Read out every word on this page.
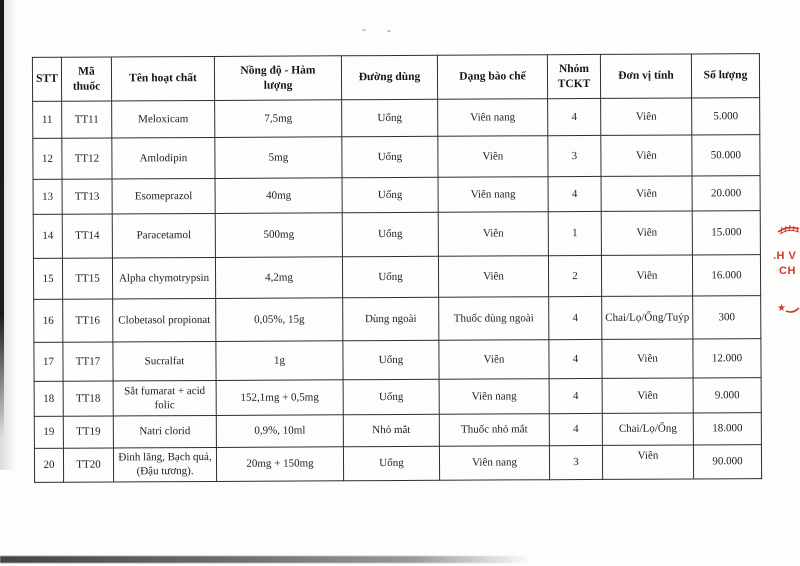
STT	Mã thuốc	Tên hoạt chất	Nồng độ - Hàm lượng	Đường dùng	Dạng bào chế	Nhóm TCKT	Đơn vị tính	Số lượng
11	TT11	Meloxicam	7,5mg	Uống	Viên nang	4	Viên	5.000
12	TT12	Amlodipin	5mg	Uống	Viên	3	Viên	50.000
13	TT13	Esomeprazol	40mg	Uống	Viên nang	4	Viên	20.000
14	TT14	Paracetamol	500mg	Uống	Viên	1	Viên	15.000
15	TT15	Alpha chymotrypsin	4,2mg	Uống	Viên	2	Viên	16.000
16	TT16	Clobetasol propionat	0,05%, 15g	Dùng ngoài	Thuốc dùng ngoài	4	Chai/Lọ/Ống/Tuýp	300
17	TT17	Sucralfat	1g	Uống	Viên	4	Viên	12.000
18	TT18	Sắt fumarat + acid folic	152,1mg + 0,5mg	Uống	Viên nang	4	Viên	9.000
19	TT19	Natri clorid	0,9%, 10ml	Nhỏ mắt	Thuốc nhỏ mắt	4	Chai/Lọ/Ống	18.000
20	TT20	Đinh lăng, Bạch quả, (Đậu tương).	20mg + 150mg	Uống	Viên nang	3	Viên	90.000
.H V
CH
★
